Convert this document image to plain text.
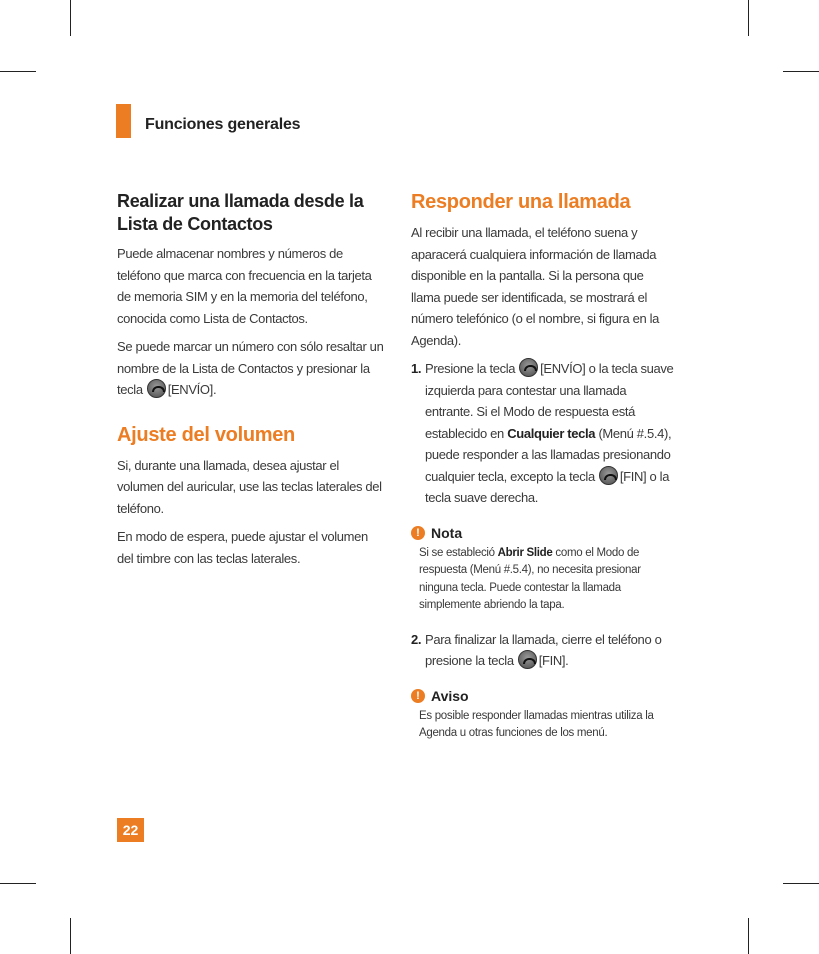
Funciones generales
Realizar una llamada desde la Lista de Contactos

Puede almacenar nombres y números de teléfono que marca con frecuencia en la tarjeta de memoria SIM y en la memoria del teléfono, conocida como Lista de Contactos.

Se puede marcar un número con sólo resaltar un nombre de la Lista de Contactos y presionar la tecla [ENVÍO].

Ajuste del volumen

Si, durante una llamada, desea ajustar el volumen del auricular, use las teclas laterales del teléfono.

En modo de espera, puede ajustar el volumen del timbre con las teclas laterales.

Responder una llamada

Al recibir una llamada, el teléfono suena y aparacerá cualquiera información de llamada disponible en la pantalla. Si la persona que llama puede ser identificada, se mostrará el número telefónico (o el nombre, si figura en la Agenda).

1. Presione la tecla [ENVÍO] o la tecla suave izquierda para contestar una llamada entrante. Si el Modo de respuesta está establecido en Cualquier tecla (Menú #.5.4), puede responder a las llamadas presionando cualquier tecla, excepto la tecla [FIN] o la tecla suave derecha.
! Nota
Si se estableció Abrir Slide como el Modo de respuesta (Menú #.5.4), no necesita presionar ninguna tecla. Puede contestar la llamada simplemente abriendo la tapa.
2. Para finalizar la llamada, cierre el teléfono o presione la tecla [FIN].
! Aviso
Es posible responder llamadas mientras utiliza la Agenda u otras funciones de los menú.
22
